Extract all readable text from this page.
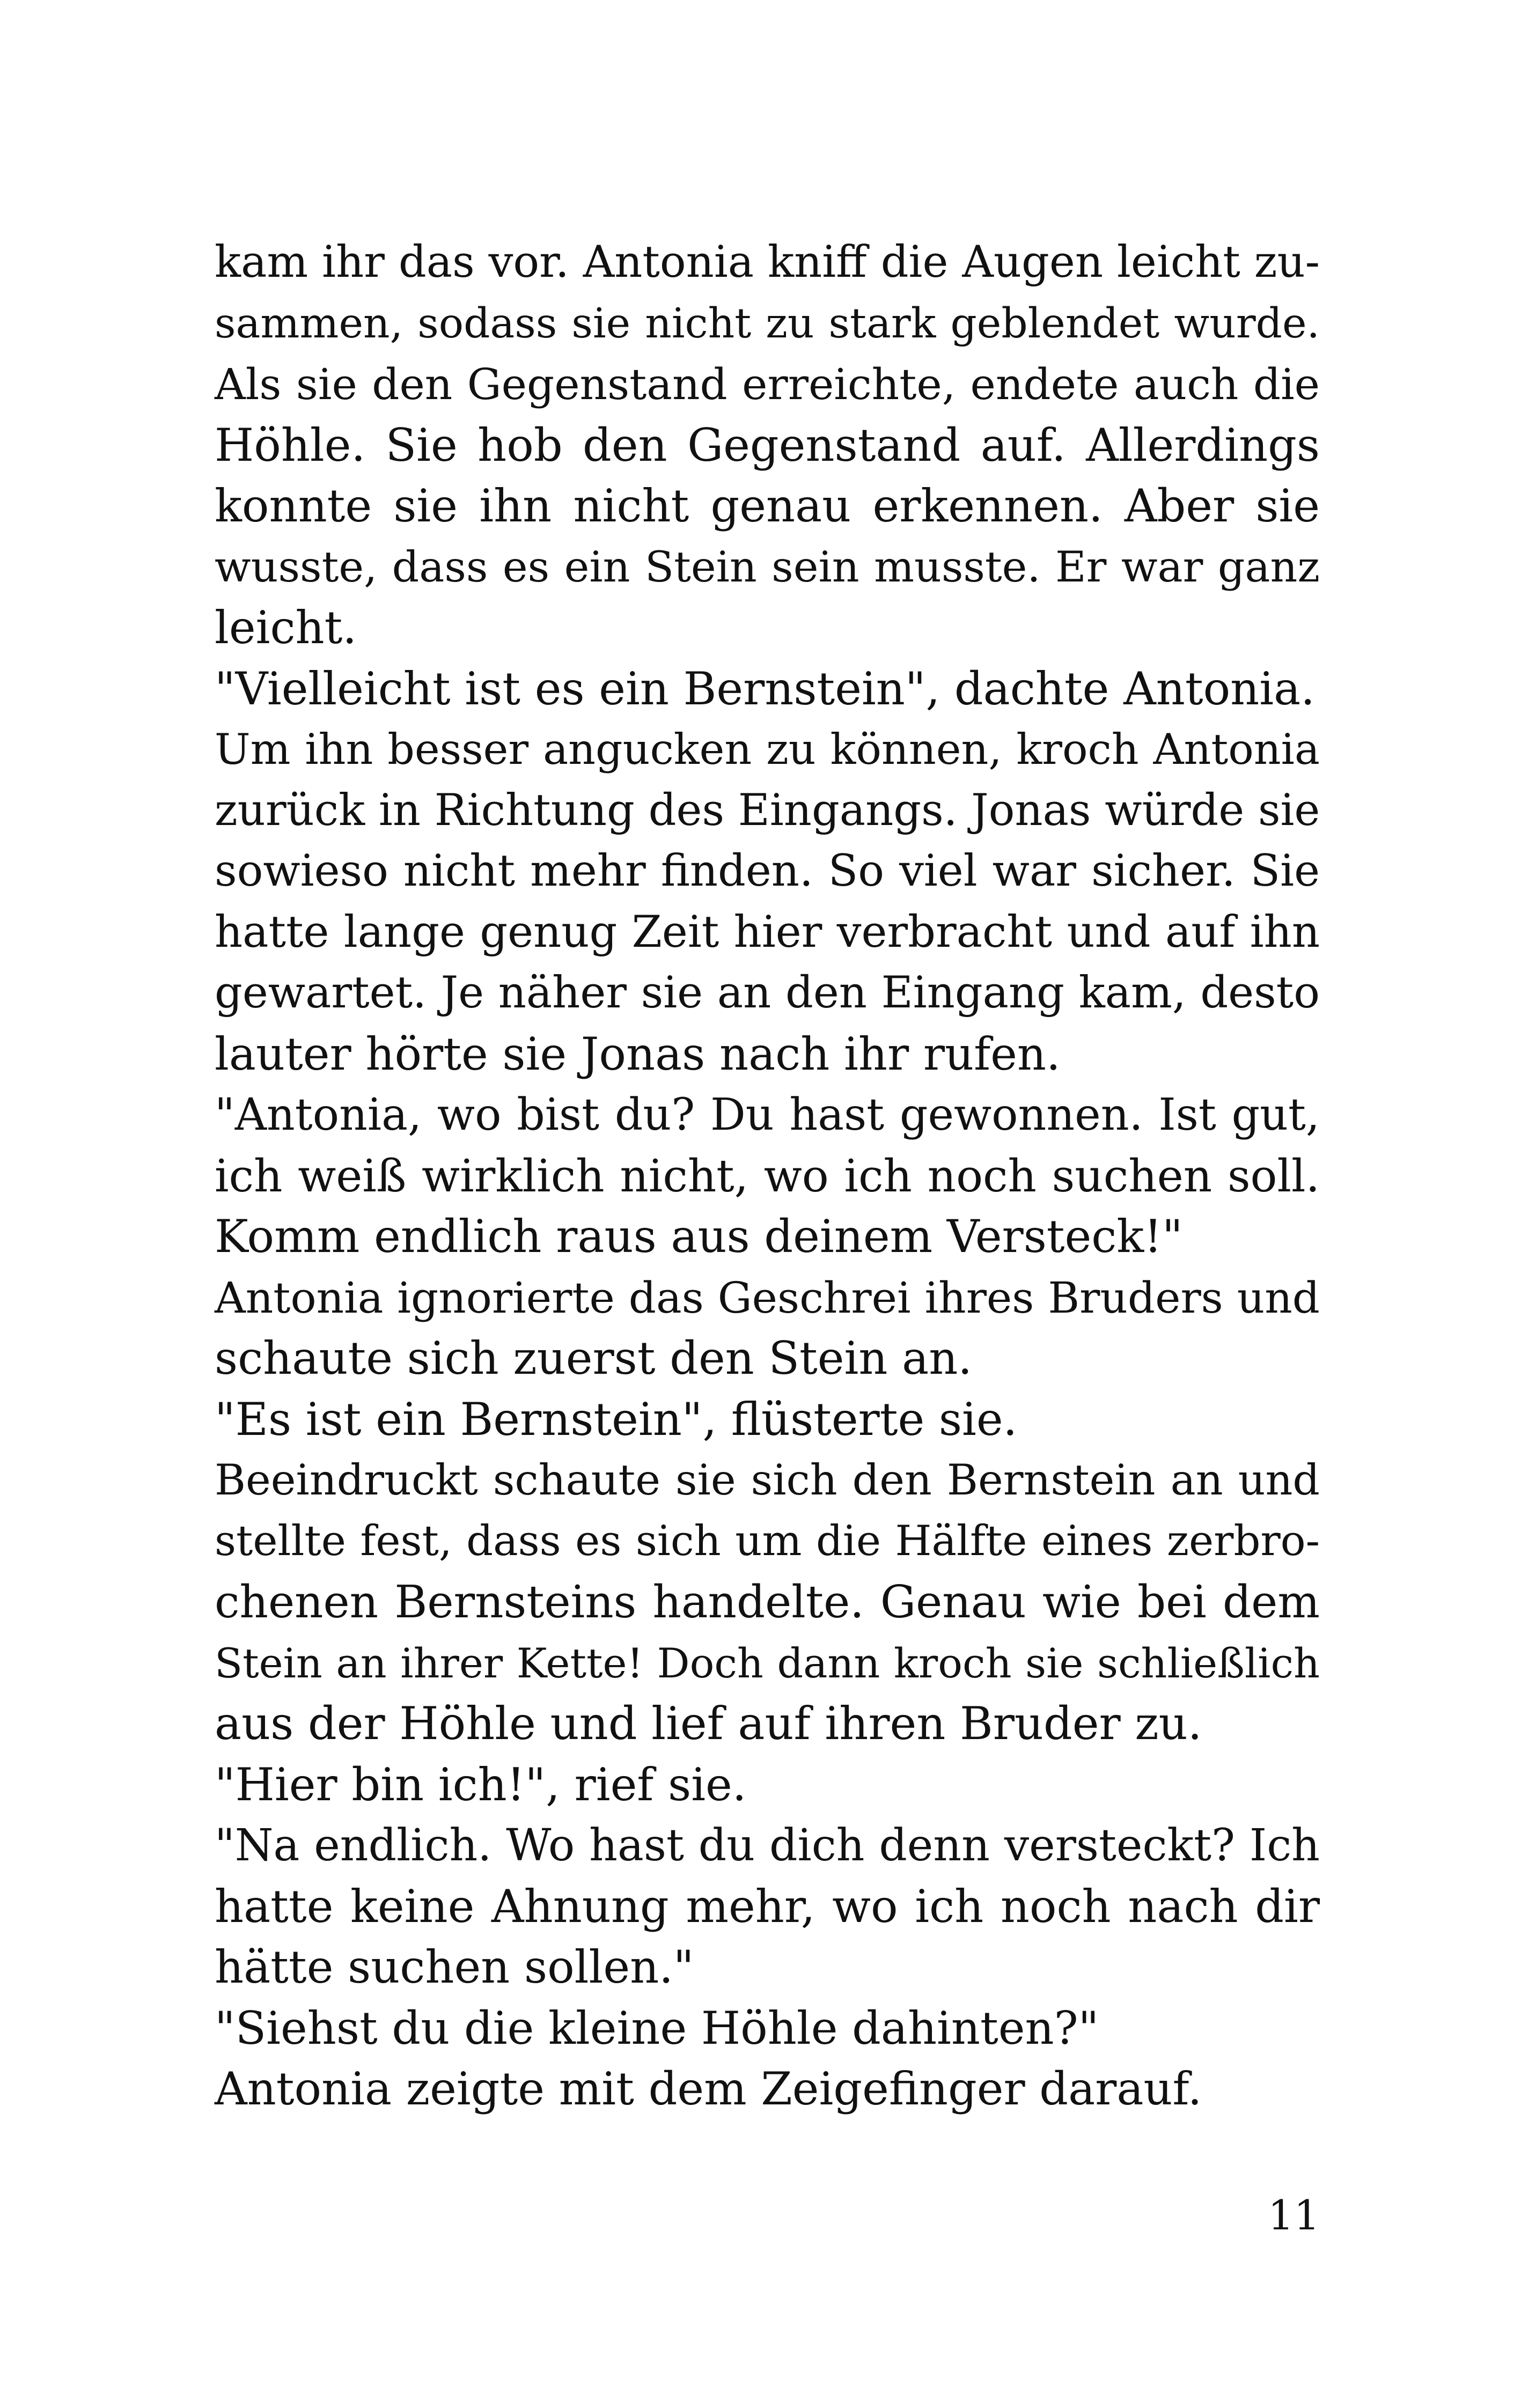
kam ihr das vor. Antonia kniff die Augen leicht zu-
sammen, sodass sie nicht zu stark geblendet wurde.
Als sie den Gegenstand erreichte, endete auch die
Höhle. Sie hob den Gegenstand auf. Allerdings
konnte sie ihn nicht genau erkennen. Aber sie
wusste, dass es ein Stein sein musste. Er war ganz
leicht.
"Vielleicht ist es ein Bernstein", dachte Antonia.
Um ihn besser angucken zu können, kroch Antonia
zurück in Richtung des Eingangs. Jonas würde sie
sowieso nicht mehr finden. So viel war sicher. Sie
hatte lange genug Zeit hier verbracht und auf ihn
gewartet. Je näher sie an den Eingang kam, desto
lauter hörte sie Jonas nach ihr rufen.
"Antonia, wo bist du? Du hast gewonnen. Ist gut,
ich weiß wirklich nicht, wo ich noch suchen soll.
Komm endlich raus aus deinem Versteck!"
Antonia ignorierte das Geschrei ihres Bruders und
schaute sich zuerst den Stein an.
"Es ist ein Bernstein", flüsterte sie.
Beeindruckt schaute sie sich den Bernstein an und
stellte fest, dass es sich um die Hälfte eines zerbro-
chenen Bernsteins handelte. Genau wie bei dem
Stein an ihrer Kette! Doch dann kroch sie schließlich
aus der Höhle und lief auf ihren Bruder zu.
"Hier bin ich!", rief sie.
"Na endlich. Wo hast du dich denn versteckt? Ich
hatte keine Ahnung mehr, wo ich noch nach dir
hätte suchen sollen."
"Siehst du die kleine Höhle dahinten?"
Antonia zeigte mit dem Zeigefinger darauf.
11
